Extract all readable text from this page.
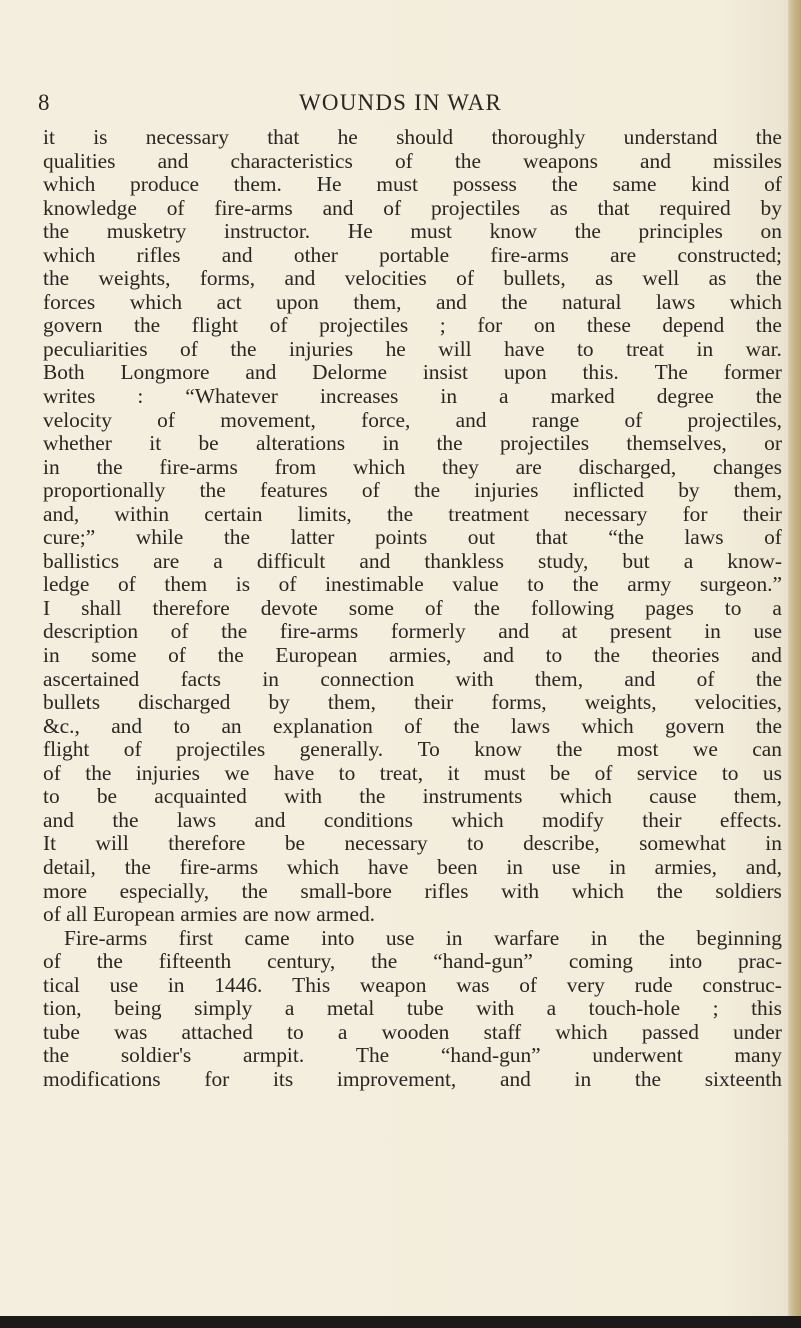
8	WOUNDS IN WAR
it is necessary that he should thoroughly understand the
qualities and characteristics of the weapons and missiles
which produce them. He must possess the same kind of
knowledge of fire-arms and of projectiles as that required by
the musketry instructor. He must know the principles on
which rifles and other portable fire-arms are constructed;
the weights, forms, and velocities of bullets, as well as the
forces which act upon them, and the natural laws which
govern the flight of projectiles ; for on these depend the
peculiarities of the injuries he will have to treat in war.
Both Longmore and Delorme insist upon this. The former
writes : “Whatever increases in a marked degree the
velocity of movement, force, and range of projectiles,
whether it be alterations in the projectiles themselves, or
in the fire-arms from which they are discharged, changes
proportionally the features of the injuries inflicted by them,
and, within certain limits, the treatment necessary for their
cure;” while the latter points out that “the laws of
ballistics are a difficult and thankless study, but a know-
ledge of them is of inestimable value to the army surgeon.”
I shall therefore devote some of the following pages to a
description of the fire-arms formerly and at present in use
in some of the European armies, and to the theories and
ascertained facts in connection with them, and of the
bullets discharged by them, their forms, weights, velocities,
&c., and to an explanation of the laws which govern the
flight of projectiles generally. To know the most we can
of the injuries we have to treat, it must be of service to us
to be acquainted with the instruments which cause them,
and the laws and conditions which modify their effects.
It will therefore be necessary to describe, somewhat in
detail, the fire-arms which have been in use in armies, and,
more especially, the small-bore rifles with which the soldiers
of all European armies are now armed.
Fire-arms first came into use in warfare in the beginning
of the fifteenth century, the “hand-gun” coming into prac-
tical use in 1446. This weapon was of very rude construc-
tion, being simply a metal tube with a touch-hole ; this
tube was attached to a wooden staff which passed under
the soldier's armpit. The “hand-gun” underwent many
modifications for its improvement, and in the sixteenth
